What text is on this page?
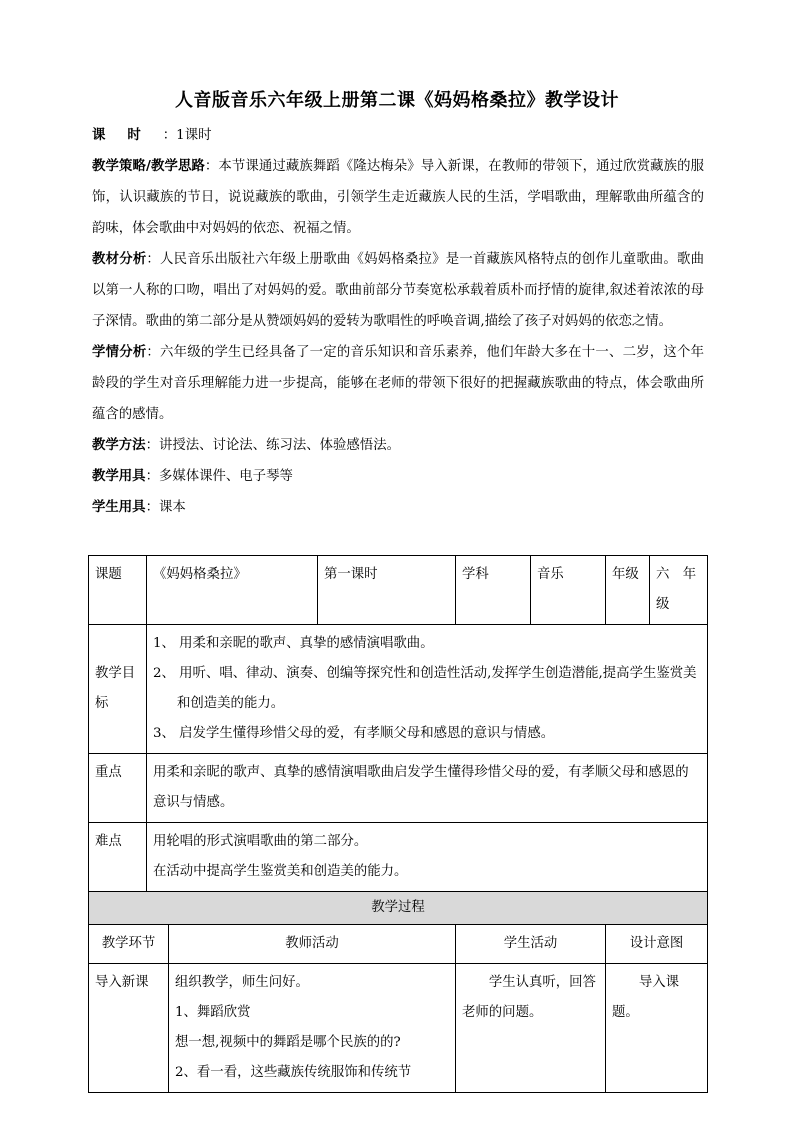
人音版音乐六年级上册第二课《妈妈格桑拉》教学设计

课时：1课时

教学策略/教学思路：本节课通过藏族舞蹈《隆达梅朵》导入新课，在教师的带领下，通过欣赏藏族的服饰，认识藏族的节日，说说藏族的歌曲，引领学生走近藏族人民的生活，学唱歌曲，理解歌曲所蕴含的韵味，体会歌曲中对妈妈的依恋、祝福之情。

教材分析：人民音乐出版社六年级上册歌曲《妈妈格桑拉》是一首藏族风格特点的创作儿童歌曲。歌曲以第一人称的口吻，唱出了对妈妈的爱。歌曲前部分节奏宽松承载着质朴而抒情的旋律,叙述着浓浓的母子深情。歌曲的第二部分是从赞颂妈妈的爱转为歌唱性的呼唤音调,描绘了孩子对妈妈的依恋之情。

学情分析：六年级的学生已经具备了一定的音乐知识和音乐素养，他们年龄大多在十一、二岁，这个年龄段的学生对音乐理解能力进一步提高，能够在老师的带领下很好的把握藏族歌曲的特点，体会歌曲所蕴含的感情。

教学方法：讲授法、讨论法、练习法、体验感悟法。

教学用具：多媒体课件、电子琴等

学生用具：课本

课题	《妈妈格桑拉》		第一课时	学科	音乐	年级	六　年级
教学目标	1、 用柔和亲昵的歌声、真挚的感情演唱歌曲。
2、 用听、唱、律动、演奏、创编等探究性和创造性活动,发挥学生创造潜能,提高学生鉴赏美和创造美的能力。
3、 启发学生懂得珍惜父母的爱，有孝顺父母和感恩的意识与情感。						

重点	用柔和亲昵的歌声、真挚的感情演唱歌曲启发学生懂得珍惜父母的爱，有孝顺父母和感恩的意识与情感。						
难点	用轮唱的形式演唱歌曲的第二部分。
在活动中提高学生鉴赏美和创造美的能力。						

教学过程							
教学环节		教师活动		学生活动		设计意图	
导入新课		组织教学，师生问好。
1、舞蹈欣赏
想一想,视频中的舞蹈是哪个民族的的?
2、看一看，这些藏族传统服饰和传统节		学生认真听，回答老师的问题。		导入课题。	
